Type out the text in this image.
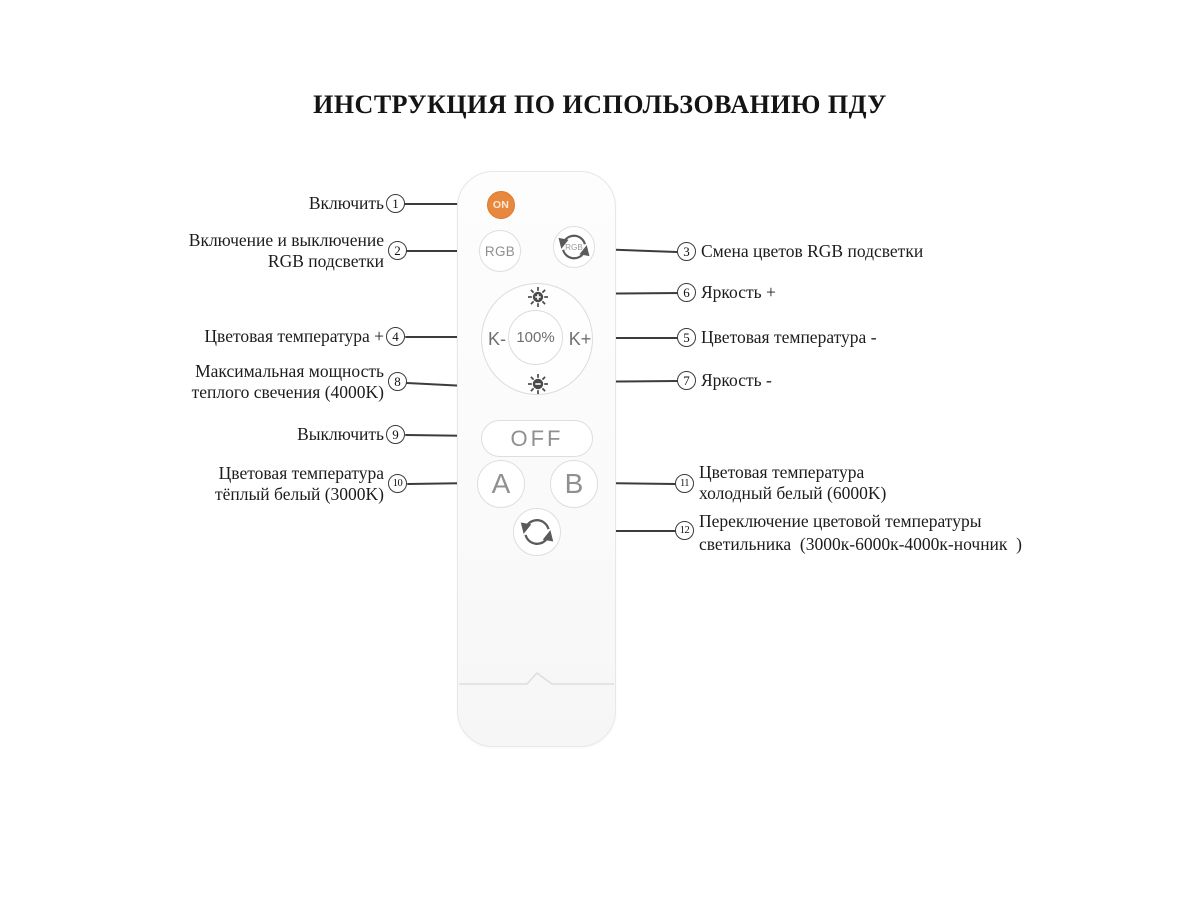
ИНСТРУКЦИЯ ПО ИСПОЛЬЗОВАНИЮ ПДУ
ON
RGB	RGB
K- 100% K+
OFF
A	B
Включить 1
Включение и выключение
RGB подсветки
2
Цветовая температура + 4
Максимальная мощность
теплого свечения (4000K)
8
Выключить 9
Цветовая температура
тёплый белый (3000K)
10
3 Смена цветов RGB подсветки
6 Яркость +
5 Цветовая температура -
7 Яркость -
11
Цветовая температура
холодный белый (6000K)
12 Переключение цветовой температуры
светильника  (3000к-6000к-4000к-ночник  )
